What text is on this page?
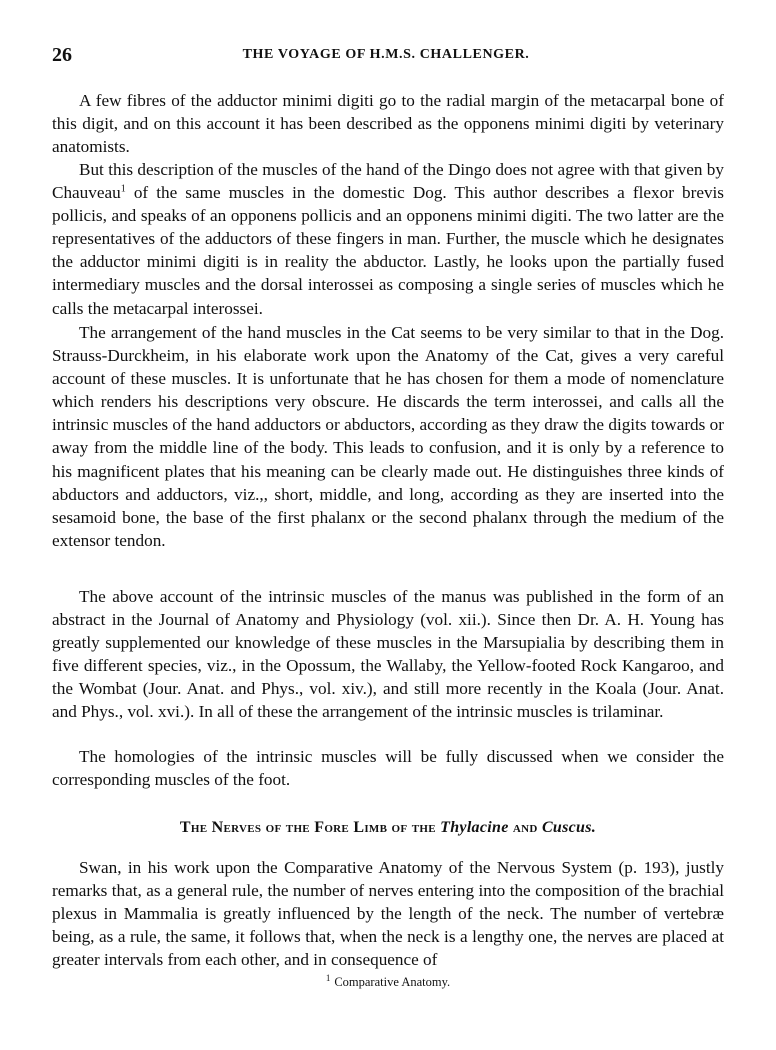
26	THE VOYAGE OF H.M.S. CHALLENGER.

A few fibres of the adductor minimi digiti go to the radial margin of the metacarpal bone of this digit, and on this account it has been described as the opponens minimi digiti by veterinary anatomists.

But this description of the muscles of the hand of the Dingo does not agree with that given by Chauveau$^1$ of the same muscles in the domestic Dog. This author describes a flexor brevis pollicis, and speaks of an opponens pollicis and an opponens minimi digiti. The two latter are the representatives of the adductors of these fingers in man. Further, the muscle which he designates the adductor minimi digiti is in reality the abductor. Lastly, he looks upon the partially fused intermediary muscles and the dorsal interossei as composing a single series of muscles which he calls the metacarpal interossei.

The arrangement of the hand muscles in the Cat seems to be very similar to that in the Dog. Strauss-Durckheim, in his elaborate work upon the Anatomy of the Cat, gives a very careful account of these muscles. It is unfortunate that he has chosen for them a mode of nomenclature which renders his descriptions very obscure. He discards the term interossei, and calls all the intrinsic muscles of the hand adductors or abductors, according as they draw the digits towards or away from the middle line of the body. This leads to confusion, and it is only by a reference to his magnificent plates that his meaning can be clearly made out. He distinguishes three kinds of abductors and adductors, viz.,, short, middle, and long, according as they are inserted into the sesamoid bone, the base of the first phalanx or the second phalanx through the medium of the extensor tendon.

The above account of the intrinsic muscles of the manus was published in the form of an abstract in the Journal of Anatomy and Physiology (vol. xii.). Since then Dr. A. H. Young has greatly supplemented our knowledge of these muscles in the Marsupialia by describing them in five different species, viz., in the Opossum, the Wallaby, the Yellow-footed Rock Kangaroo, and the Wombat (Jour. Anat. and Phys., vol. xiv.), and still more recently in the Koala (Jour. Anat. and Phys., vol. xvi.). In all of these the arrangement of the intrinsic muscles is trilaminar.

The homologies of the intrinsic muscles will be fully discussed when we consider the corresponding muscles of the foot.

The Nerves of the Fore Limb of the Thylacine and Cuscus.

Swan, in his work upon the Comparative Anatomy of the Nervous System (p. 193), justly remarks that, as a general rule, the number of nerves entering into the composition of the brachial plexus in Mammalia is greatly influenced by the length of the neck. The number of vertebræ being, as a rule, the same, it follows that, when the neck is a lengthy one, the nerves are placed at greater intervals from each other, and in consequence of

$^1$ Comparative Anatomy.
